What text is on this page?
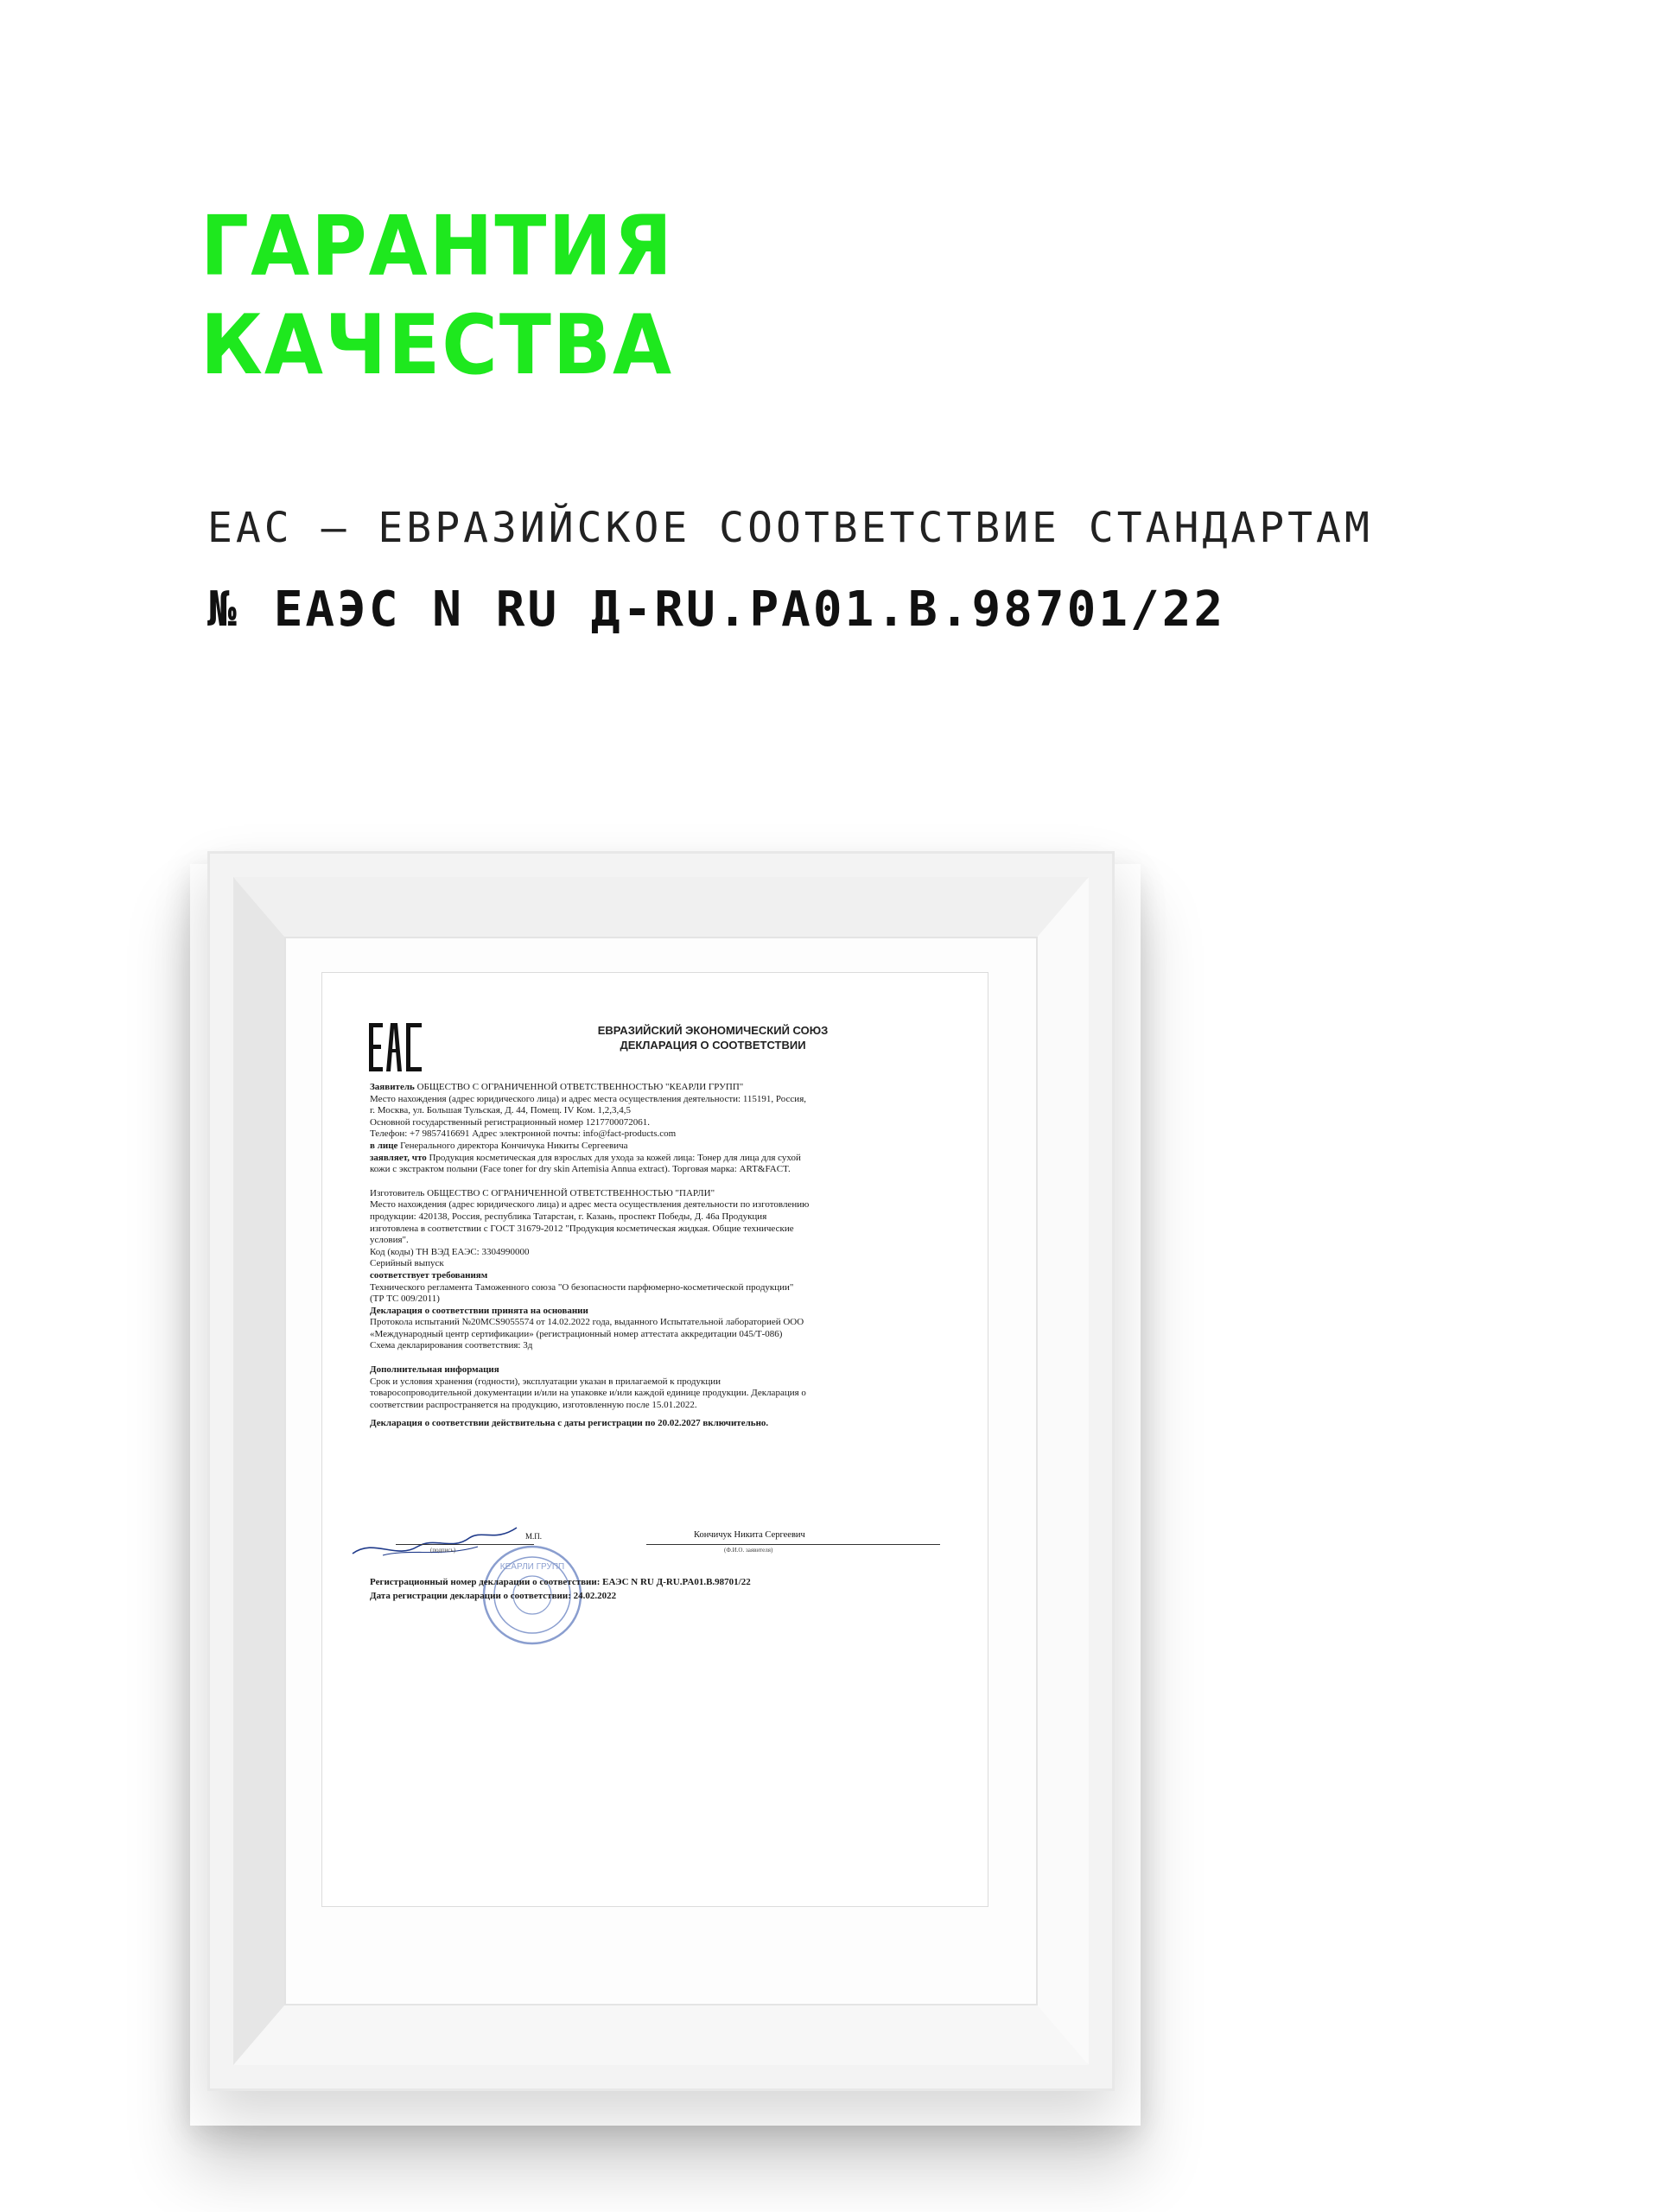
ГАРАНТИЯ
КАЧЕСТВА

EAC – ЕВРАЗИЙСКОЕ СООТВЕТСТВИЕ СТАНДАРТАМ

№ ЕАЭС N RU Д-RU.PA01.B.98701/22

ЕВРАЗИЙСКИЙ ЭКОНОМИЧЕСКИЙ СОЮЗ
ДЕКЛАРАЦИЯ О СООТВЕТСТВИИ

Заявитель ОБЩЕСТВО С ОГРАНИЧЕННОЙ ОТВЕТСТВЕННОСТЬЮ "КЕАРЛИ ГРУПП"

Место нахождения (адрес юридического лица) и адрес места осуществления деятельности: 115191, Россия,

г. Москва, ул. Большая Тульская, Д. 44, Помещ. IV Ком. 1,2,3,4,5

Основной государственный регистрационный номер 1217700072061.

Телефон: +7 9857416691 Адрес электронной почты: info@fact-products.com

в лице Генерального директора Кончичука Никиты Сергеевича

заявляет, что Продукция косметическая для взрослых для ухода за кожей лица: Тонер для лица для сухой

кожи с экстрактом полыни (Face toner for dry skin Artemisia Annua extract). Торговая марка: ART&FACT.

Изготовитель ОБЩЕСТВО С ОГРАНИЧЕННОЙ ОТВЕТСТВЕННОСТЬЮ "ПАРЛИ"

Место нахождения (адрес юридического лица) и адрес места осуществления деятельности по изготовлению

продукции: 420138, Россия, республика Татарстан, г. Казань, проспект Победы, Д. 46а Продукция

изготовлена в соответствии с ГОСТ 31679-2012 "Продукция косметическая жидкая. Общие технические

условия".

Код (коды) ТН ВЭД ЕАЭС: 3304990000

Серийный выпуск

соответствует требованиям

Технического регламента Таможенного союза "О безопасности парфюмерно-косметической продукции"

(ТР ТС 009/2011)

Декларация о соответствии принята на основании

Протокола испытаний №20MCS9055574 от 14.02.2022 года, выданного Испытательной лабораторией ООО

«Международный центр сертификации» (регистрационный номер аттестата аккредитации 045/Т-086)

Схема декларирования соответствия: 3д

Дополнительная информация

Срок и условия хранения (годности), эксплуатации указан в прилагаемой к продукции

товаросопроводительной документации и/или на упаковке и/или каждой единице продукции. Декларация о

соответствии распространяется на продукцию, изготовленную после 15.01.2022.

Декларация о соответствии действительна с даты регистрации по 20.02.2027 включительно.

(подпись)
М.П.	Кончичук Никита Сергеевич
(Ф.И.О. заявителя)
КЕАРЛИ ГРУПП

Регистрационный номер декларации о соответствии: ЕАЭС N RU Д-RU.PA01.B.98701/22

Дата регистрации декларации о соответствии: 24.02.2022
